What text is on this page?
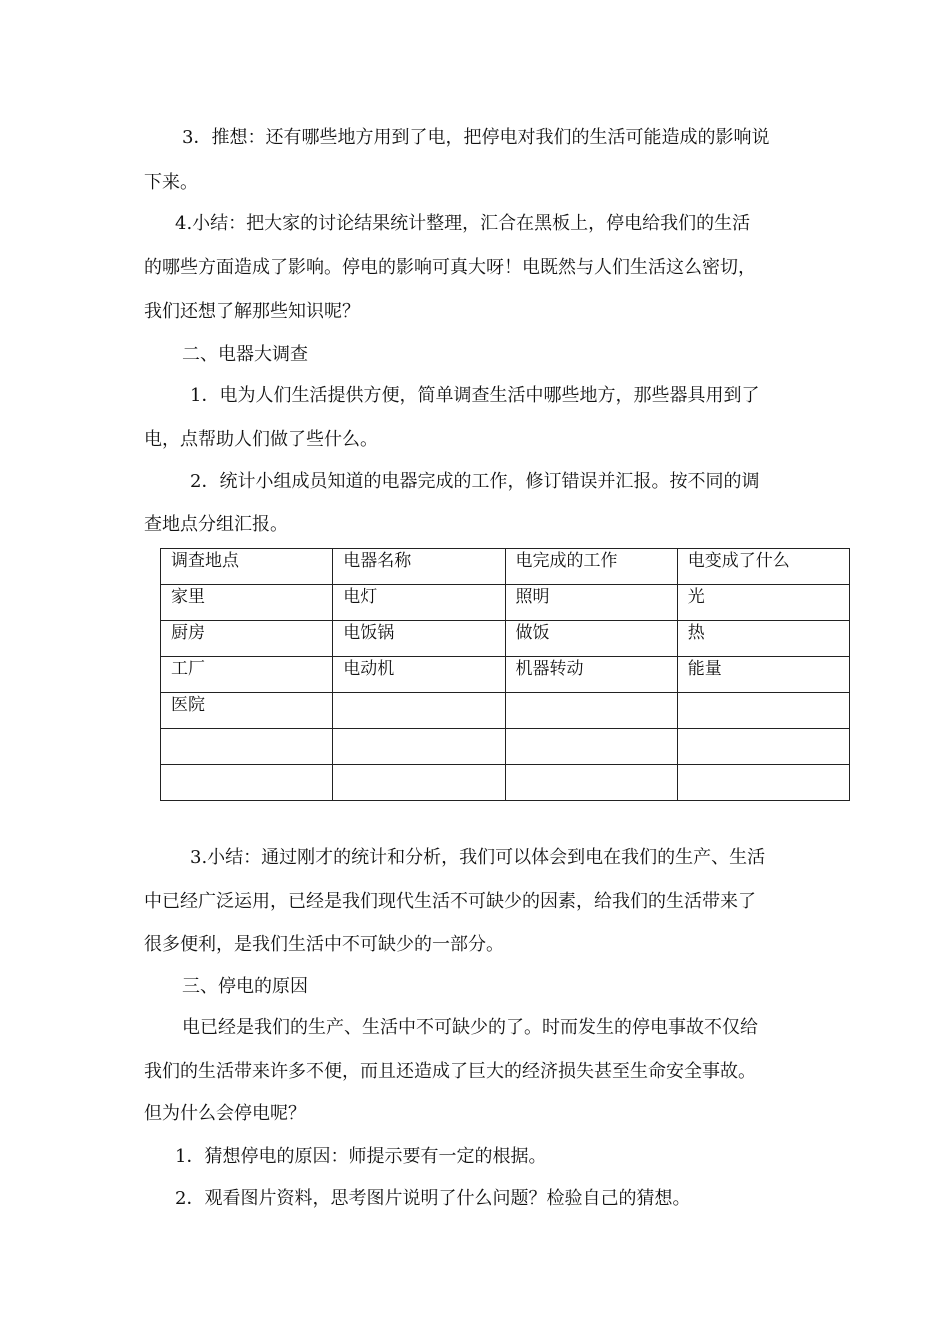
3．推想：还有哪些地方用到了电，把停电对我们的生活可能造成的影响说
下来。
4.小结：把大家的讨论结果统计整理，汇合在黑板上，停电给我们的生活
的哪些方面造成了影响。停电的影响可真大呀！电既然与人们生活这么密切，
我们还想了解那些知识呢？
二、电器大调查
1．电为人们生活提供方便，简单调查生活中哪些地方，那些器具用到了
电，点帮助人们做了些什么。
2．统计小组成员知道的电器完成的工作，修订错误并汇报。按不同的调
查地点分组汇报。
调查地点	电器名称	电完成的工作	电变成了什么

家里	电灯	照明	光

厨房	电饭锅	做饭	热

工厂	电动机	机器转动	能量

医院			

3.小结：通过刚才的统计和分析，我们可以体会到电在我们的生产、生活
中已经广泛运用，已经是我们现代生活不可缺少的因素，给我们的生活带来了
很多便利，是我们生活中不可缺少的一部分。
三、停电的原因
电已经是我们的生产、生活中不可缺少的了。时而发生的停电事故不仅给
我们的生活带来许多不便，而且还造成了巨大的经济损失甚至生命安全事故。
但为什么会停电呢？
1．猜想停电的原因：师提示要有一定的根据。
2．观看图片资料，思考图片说明了什么问题？检验自己的猜想。
